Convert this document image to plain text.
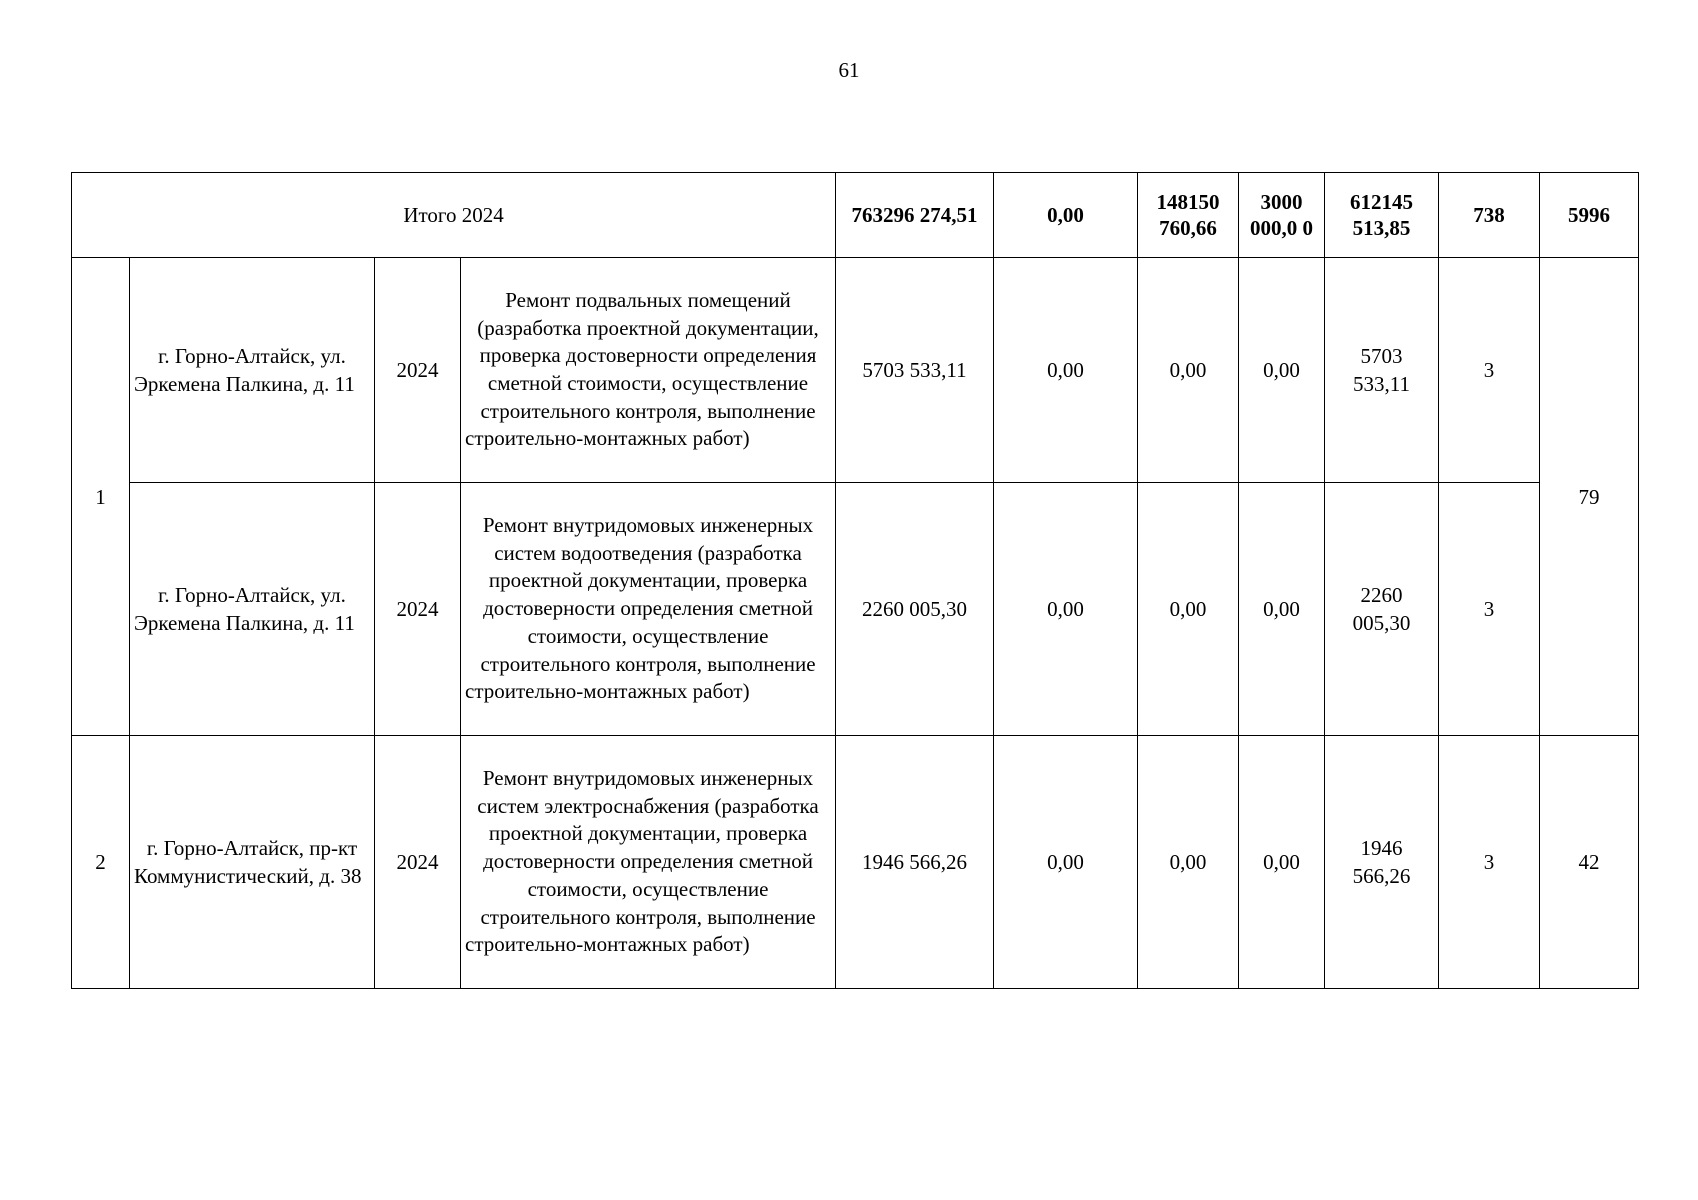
61
Итого 2024				763296 274,51	0,00	148150 760,66	3000 000,0 0	612145 513,85	738	5996
1	г. Горно-Алтайск, ул. Эркемена Палкина, д. 11	2024	Ремонт подвальных помещений (разработка проектной документации, проверка достоверности определения сметной стоимости, осуществление строительного контроля, выполнение строительно-монтажных работ)	5703 533,11	0,00	0,00	0,00	5703 533,11	3	79
	г. Горно-Алтайск, ул. Эркемена Палкина, д. 11	2024	Ремонт внутридомовых инженерных систем водоотведения (разработка проектной документации, проверка достоверности определения сметной стоимости, осуществление строительного контроля, выполнение строительно-монтажных работ)	2260 005,30	0,00	0,00	0,00	2260 005,30	3	
2	г. Горно-Алтайск, пр-кт Коммунистический, д. 38	2024	Ремонт внутридомовых инженерных систем электроснабжения (разработка проектной документации, проверка достоверности определения сметной стоимости, осуществление строительного контроля, выполнение строительно-монтажных работ)	1946 566,26	0,00	0,00	0,00	1946 566,26	3	42
